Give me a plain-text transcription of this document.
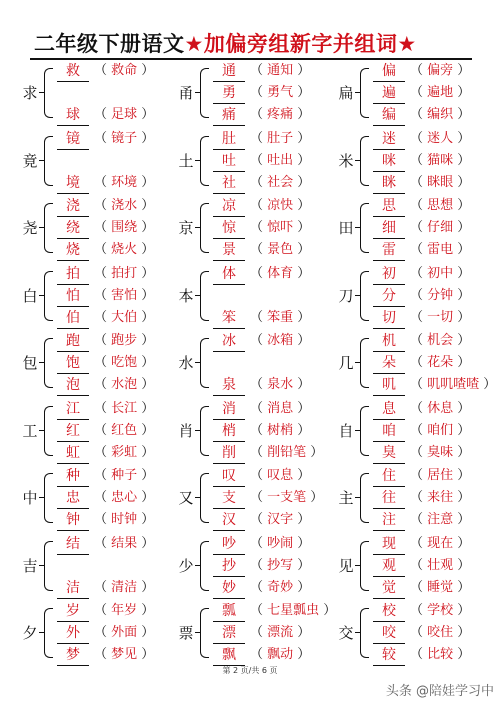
二年级下册语文★加偏旁组新字并组词★
求
救	（ 救命 ）
球	（ 足球 ）
竟
镜	（ 镜子 ）
境	（ 环境 ）
尧
浇	（ 浇水 ）
绕	（ 围绕 ）
烧	（ 烧火 ）
白
拍	（ 拍打 ）
怕	（ 害怕 ）
伯	（ 大伯 ）
包
跑	（ 跑步 ）
饱	（ 吃饱 ）
泡	（ 水泡 ）
工
江	（ 长江 ）
红	（ 红色 ）
虹	（ 彩虹 ）
中
种	（ 种子 ）
忠	（ 忠心 ）
钟	（ 时钟 ）
吉
结	（ 结果 ）
洁	（ 清洁 ）
夕
岁	（ 年岁 ）
外	（ 外面 ）
梦	（ 梦见 ）
甬
通	（ 通知 ）
勇	（ 勇气 ）
痛	（ 疼痛 ）
土
肚	（ 肚子 ）
吐	（ 吐出 ）
社	（ 社会 ）
京
凉	（ 凉快 ）
惊	（ 惊吓 ）
景	（ 景色 ）
本
体	（ 体育 ）
笨	（ 笨重 ）
水
冰	（ 冰箱 ）
泉	（ 泉水 ）
肖
消	（ 消息 ）
梢	（ 树梢 ）
削	（ 削铅笔 ）
又
叹	（ 叹息 ）
支	（ 一支笔 ）
汉	（ 汉字 ）
少
吵	（ 吵闹 ）
抄	（ 抄写 ）
妙	（ 奇妙 ）
票
瓢	（ 七星瓢虫 ）
漂	（ 漂流 ）
飘	（ 飘动 ）
扁
偏	（ 偏旁 ）
遍	（ 遍地 ）
编	（ 编织 ）
米
迷	（ 迷人 ）
咪	（ 猫咪 ）
眯	（ 眯眼 ）
田
思	（ 思想 ）
细	（ 仔细 ）
雷	（ 雷电 ）
刀
初	（ 初中 ）
分	（ 分钟 ）
切	（ 一切 ）
几
机	（ 机会 ）
朵	（ 花朵 ）
叽	（ 叽叽喳喳 ）
自
息	（ 休息 ）
咱	（ 咱们 ）
臭	（ 臭味 ）
主
住	（ 居住 ）
往	（ 来往 ）
注	（ 注意 ）
见
现	（ 现在 ）
观	（ 壮观 ）
觉	（ 睡觉 ）
交
校	（ 学校 ）
咬	（ 咬住 ）
较	（ 比较 ）
第 2 页/共 6 页
头条 @陪娃学习中
